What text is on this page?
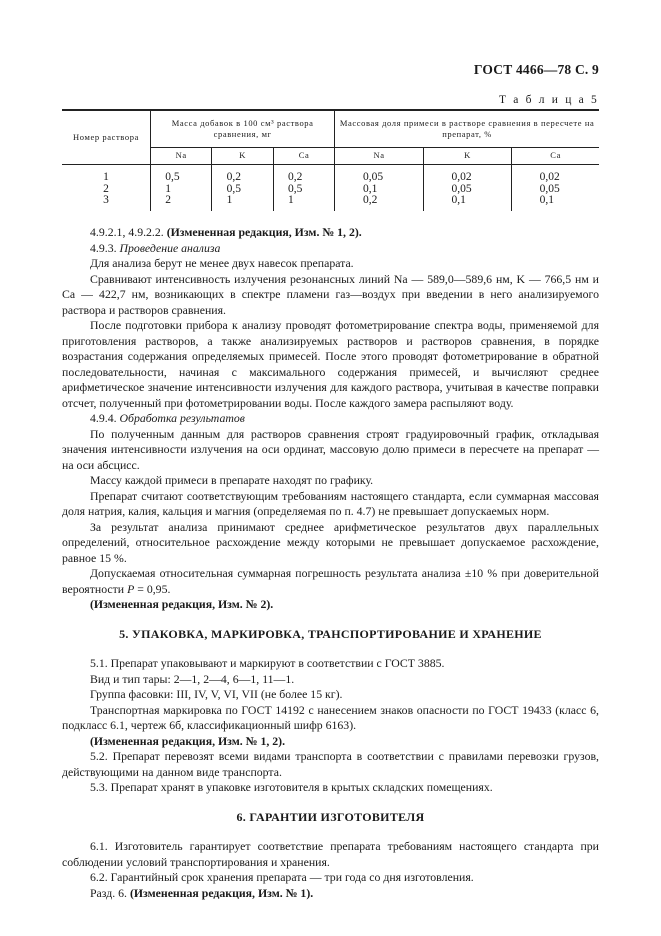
ГОСТ 4466—78 С. 9
Т а б л и ц а 5
Номер раствора	Масса добавок в 100 см³ раствора сравнения, мг			Массовая доля примеси в растворе сравнения в пересчете на препарат, %		
	Na	K	Ca	Na	K	Ca
1	0,5	0,2	0,2	0,05	0,02	0,02
2	1	0,5	0,5	0,1	0,05	0,05
3	2	1	1	0,2	0,1	0,1

4.9.2.1, 4.9.2.2. (Измененная редакция, Изм. № 1, 2).

4.9.3. Проведение анализа

Для анализа берут не менее двух навесок препарата.

Сравнивают интенсивность излучения резонансных линий Na — 589,0—589,6 нм, K — 766,5 нм и Ca — 422,7 нм, возникающих в спектре пламени газ—воздух при введении в него анализируемого раствора и растворов сравнения.

После подготовки прибора к анализу проводят фотометрирование спектра воды, применяемой для приготовления растворов, а также анализируемых растворов и растворов сравнения, в порядке возрастания содержания определяемых примесей. После этого проводят фотометрирование в обратной последовательности, начиная с максимального содержания примесей, и вычисляют среднее арифметическое значение интенсивности излучения для каждого раствора, учитывая в качестве поправки отсчет, полученный при фотометрировании воды. После каждого замера распыляют воду.

4.9.4. Обработка результатов

По полученным данным для растворов сравнения строят градуировочный график, откладывая значения интенсивности излучения на оси ординат, массовую долю примеси в пересчете на препарат — на оси абсцисс.

Массу каждой примеси в препарате находят по графику.

Препарат считают соответствующим требованиям настоящего стандарта, если суммарная массовая доля натрия, калия, кальция и магния (определяемая по п. 4.7) не превышает допускаемых норм.

За результат анализа принимают среднее арифметическое результатов двух параллельных определений, относительное расхождение между которыми не превышает допускаемое расхождение, равное 15 %.

Допускаемая относительная суммарная погрешность результата анализа ±10 % при доверительной вероятности P = 0,95.

(Измененная редакция, Изм. № 2).

5. УПАКОВКА, МАРКИРОВКА, ТРАНСПОРТИРОВАНИЕ И ХРАНЕНИЕ

5.1. Препарат упаковывают и маркируют в соответствии с ГОСТ 3885.

Вид и тип тары: 2—1, 2—4, 6—1, 11—1.

Группа фасовки: III, IV, V, VI, VII (не более 15 кг).

Транспортная маркировка по ГОСТ 14192 с нанесением знаков опасности по ГОСТ 19433 (класс 6, подкласс 6.1, чертеж 6б, классификационный шифр 6163).

(Измененная редакция, Изм. № 1, 2).

5.2. Препарат перевозят всеми видами транспорта в соответствии с правилами перевозки грузов, действующими на данном виде транспорта.

5.3. Препарат хранят в упаковке изготовителя в крытых складских помещениях.

6. ГАРАНТИИ ИЗГОТОВИТЕЛЯ

6.1. Изготовитель гарантирует соответствие препарата требованиям настоящего стандарта при соблюдении условий транспортирования и хранения.

6.2. Гарантийный срок хранения препарата — три года со дня изготовления.

Разд. 6. (Измененная редакция, Изм. № 1).
